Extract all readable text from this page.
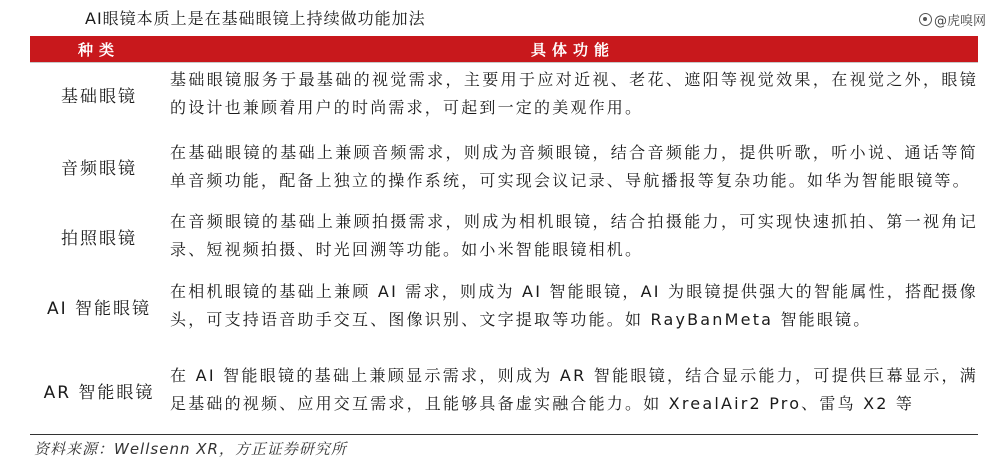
AI眼镜本质上是在基础眼镜上持续做功能加法	@虎嗅网
种类	具体功能
基础眼镜
基础眼镜服务于最基础的视觉需求，主要用于应对近视、老花、遮阳等视觉效果，在视觉之外，眼镜的设计也兼顾着用户的时尚需求，可起到一定的美观作用。
音频眼镜
在基础眼镜的基础上兼顾音频需求，则成为音频眼镜，结合音频能力，提供听歌，听小说、通话等简单音频功能，配备上独立的操作系统，可实现会议记录、导航播报等复杂功能。如华为智能眼镜等。
拍照眼镜
在音频眼镜的基础上兼顾拍摄需求，则成为相机眼镜，结合拍摄能力，可实现快速抓拍、第一视角记录、短视频拍摄、时光回溯等功能。如小米智能眼镜相机。
AI 智能眼镜
在相机眼镜的基础上兼顾 AI 需求，则成为 AI 智能眼镜，AI 为眼镜提供强大的智能属性，搭配摄像头，可支持语音助手交互、图像识别、文字提取等功能。如 RayBanMeta 智能眼镜。
AR 智能眼镜
在 AI 智能眼镜的基础上兼顾显示需求，则成为 AR 智能眼镜，结合显示能力，可提供巨幕显示，满足基础的视频、应用交互需求，且能够具备虚实融合能力。如 XrealAir2 Pro、雷鸟 X2 等
资料来源：Wellsenn XR，方正证券研究所
